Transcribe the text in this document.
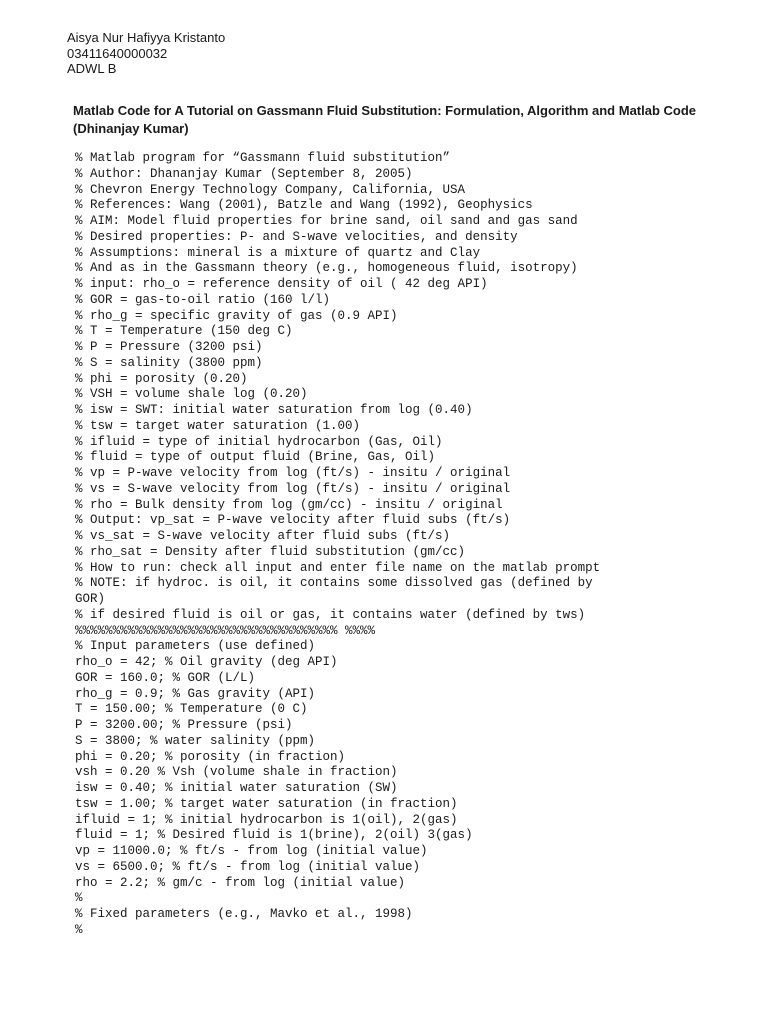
Aisya Nur Hafiyya Kristanto
03411640000032
ADWL B
Matlab Code for A Tutorial on Gassmann Fluid Substitution: Formulation, Algorithm and Matlab Code (Dhinanjay Kumar)
% Matlab program for “Gassmann fluid substitution”
% Author: Dhananjay Kumar (September 8, 2005)
% Chevron Energy Technology Company, California, USA
% References: Wang (2001), Batzle and Wang (1992), Geophysics
% AIM: Model fluid properties for brine sand, oil sand and gas sand
% Desired properties: P- and S-wave velocities, and density
% Assumptions: mineral is a mixture of quartz and Clay
% And as in the Gassmann theory (e.g., homogeneous fluid, isotropy)
% input: rho_o = reference density of oil ( 42 deg API)
% GOR = gas-to-oil ratio (160 l/l)
% rho_g = specific gravity of gas (0.9 API)
% T = Temperature (150 deg C)
% P = Pressure (3200 psi)
% S = salinity (3800 ppm)
% phi = porosity (0.20)
% VSH = volume shale log (0.20)
% isw = SWT: initial water saturation from log (0.40)
% tsw = target water saturation (1.00)
% ifluid = type of initial hydrocarbon (Gas, Oil)
% fluid = type of output fluid (Brine, Gas, Oil)
% vp = P-wave velocity from log (ft/s) - insitu / original
% vs = S-wave velocity from log (ft/s) - insitu / original
% rho = Bulk density from log (gm/cc) - insitu / original
% Output: vp_sat = P-wave velocity after fluid subs (ft/s)
% vs_sat = S-wave velocity after fluid subs (ft/s)
% rho_sat = Density after fluid substitution (gm/cc)
% How to run: check all input and enter file name on the matlab prompt
% NOTE: if hydroc. is oil, it contains some dissolved gas (defined by
GOR)
% if desired fluid is oil or gas, it contains water (defined by tws)
%%%%%%%%%%%%%%%%%%%%%%%%%%%%%%%%%%% %%%%
% Input parameters (use defined)
rho_o = 42; % Oil gravity (deg API)
GOR = 160.0; % GOR (L/L)
rho_g = 0.9; % Gas gravity (API)
T = 150.00; % Temperature (0 C)
P = 3200.00; % Pressure (psi)
S = 3800; % water salinity (ppm)
phi = 0.20; % porosity (in fraction)
vsh = 0.20 % Vsh (volume shale in fraction)
isw = 0.40; % initial water saturation (SW)
tsw = 1.00; % target water saturation (in fraction)
ifluid = 1; % initial hydrocarbon is 1(oil), 2(gas)
fluid = 1; % Desired fluid is 1(brine), 2(oil) 3(gas)
vp = 11000.0; % ft/s - from log (initial value)
vs = 6500.0; % ft/s - from log (initial value)
rho = 2.2; % gm/c - from log (initial value)
%
% Fixed parameters (e.g., Mavko et al., 1998)
%
